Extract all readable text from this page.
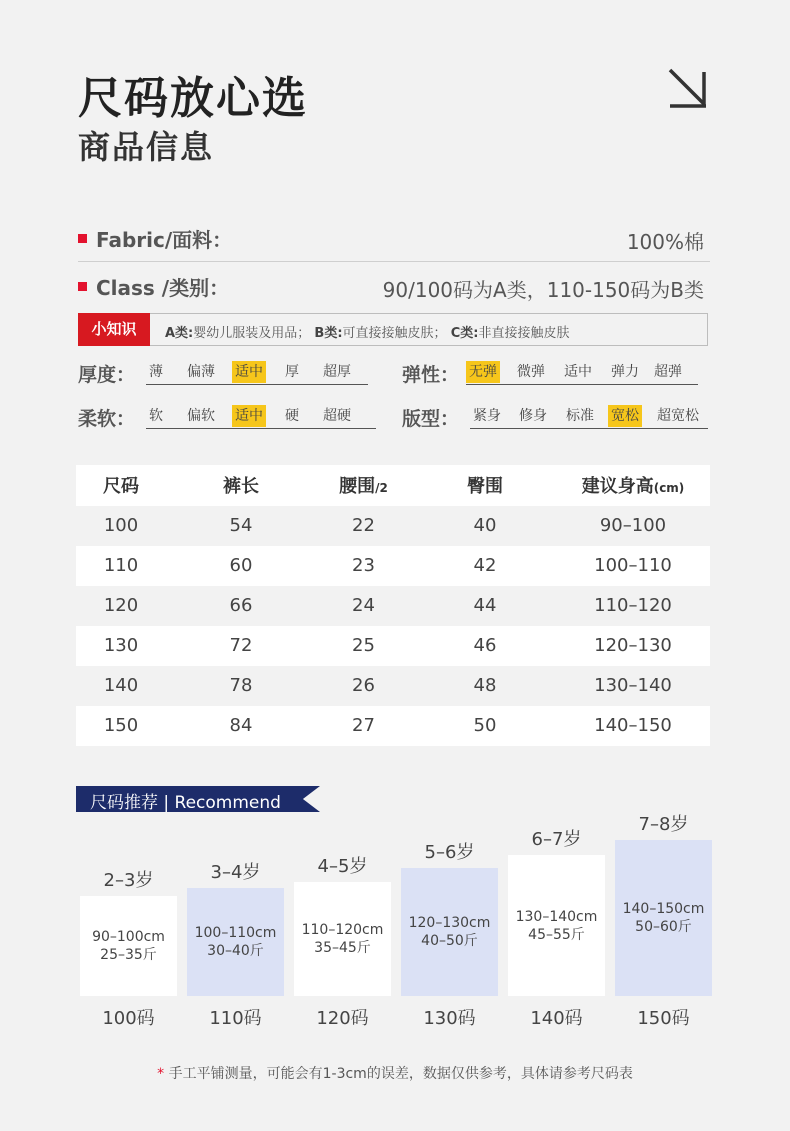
尺码放心选
商品信息
Fabric/面料：	100%棉
Class /类别：	90/100码为A类，110-150码为B类
小知识	A类:婴幼儿服装及用品； B类:可直接接触皮肤； C类:非直接接触皮肤
厚度： 薄 偏薄 适中 厚 超厚	弹性： 无弹 微弹 适中 弹力 超弹
柔软： 软 偏软 适中 硬 超硬	版型： 紧身 修身 标准 宽松 超宽松
尺码	裤长	腰围/2	臀围	建议身高(cm)
100	54	22	40	90–100
110	60	23	42	100–110
120	66	24	44	110–120
130	72	25	46	120–130
140	78	26	48	130–140
150	84	27	50	140–150
尺码推荐 | Recommend
2–3岁
90–100cm
25–35斤
100码
3–4岁
100–110cm
30–40斤
110码
4–5岁
110–120cm
35–45斤
120码
5–6岁
120–130cm
40–50斤
130码
6–7岁
130–140cm
45–55斤
140码
7–8岁
140–150cm
50–60斤
150码
* 手工平铺测量，可能会有1-3cm的误差，数据仅供参考，具体请参考尺码表
